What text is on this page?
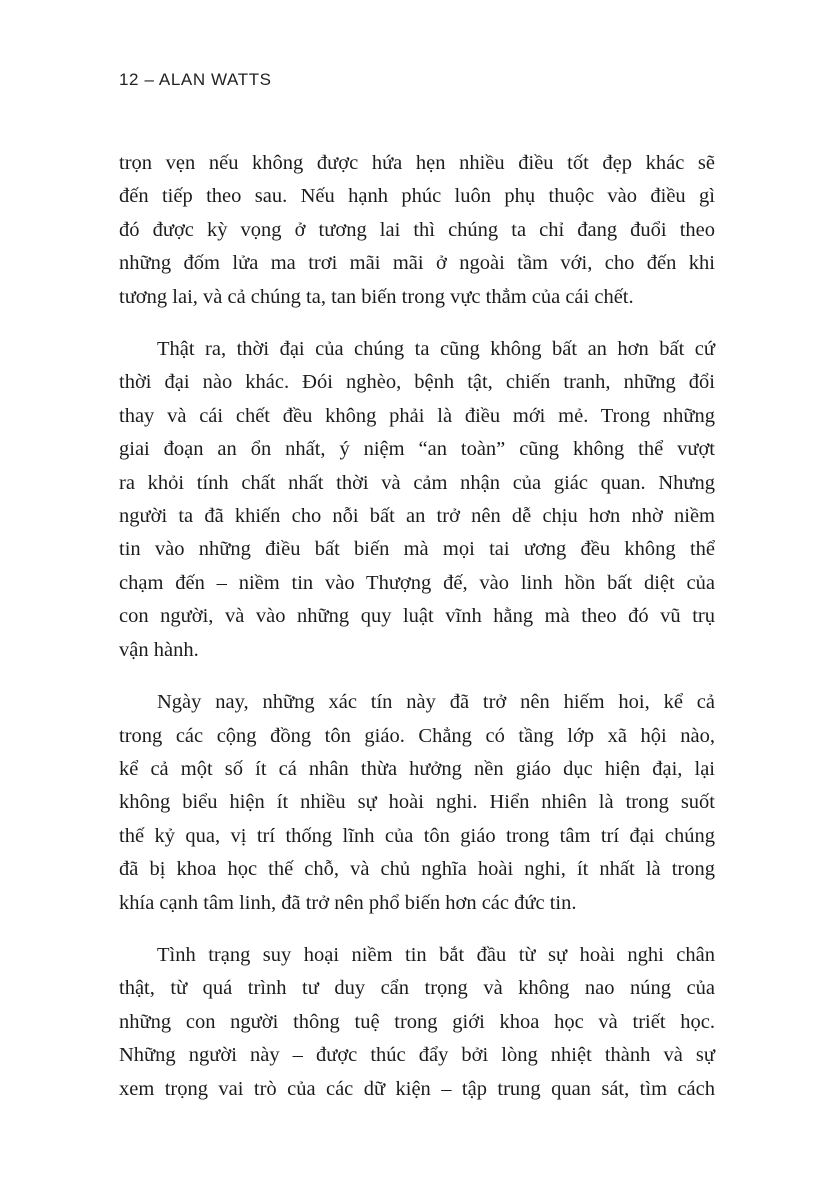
12 – ALAN WATTS
trọn vẹn nếu không được hứa hẹn nhiều điều tốt đẹp khác sẽ
đến tiếp theo sau. Nếu hạnh phúc luôn phụ thuộc vào điều gì
đó được kỳ vọng ở tương lai thì chúng ta chỉ đang đuổi theo
những đốm lửa ma trơi mãi mãi ở ngoài tầm với, cho đến khi
tương lai, và cả chúng ta, tan biến trong vực thẳm của cái chết.
Thật ra, thời đại của chúng ta cũng không bất an hơn bất cứ
thời đại nào khác. Đói nghèo, bệnh tật, chiến tranh, những đổi
thay và cái chết đều không phải là điều mới mẻ. Trong những
giai đoạn an ổn nhất, ý niệm “an toàn” cũng không thể vượt
ra khỏi tính chất nhất thời và cảm nhận của giác quan. Nhưng
người ta đã khiến cho nỗi bất an trở nên dễ chịu hơn nhờ niềm
tin vào những điều bất biến mà mọi tai ương đều không thể
chạm đến – niềm tin vào Thượng đế, vào linh hồn bất diệt của
con người, và vào những quy luật vĩnh hằng mà theo đó vũ trụ
vận hành.
Ngày nay, những xác tín này đã trở nên hiếm hoi, kể cả
trong các cộng đồng tôn giáo. Chẳng có tầng lớp xã hội nào,
kể cả một số ít cá nhân thừa hưởng nền giáo dục hiện đại, lại
không biểu hiện ít nhiều sự hoài nghi. Hiển nhiên là trong suốt
thế kỷ qua, vị trí thống lĩnh của tôn giáo trong tâm trí đại chúng
đã bị khoa học thế chỗ, và chủ nghĩa hoài nghi, ít nhất là trong
khía cạnh tâm linh, đã trở nên phổ biến hơn các đức tin.
Tình trạng suy hoại niềm tin bắt đầu từ sự hoài nghi chân
thật, từ quá trình tư duy cẩn trọng và không nao núng của
những con người thông tuệ trong giới khoa học và triết học.
Những người này – được thúc đẩy bởi lòng nhiệt thành và sự
xem trọng vai trò của các dữ kiện – tập trung quan sát, tìm cách
